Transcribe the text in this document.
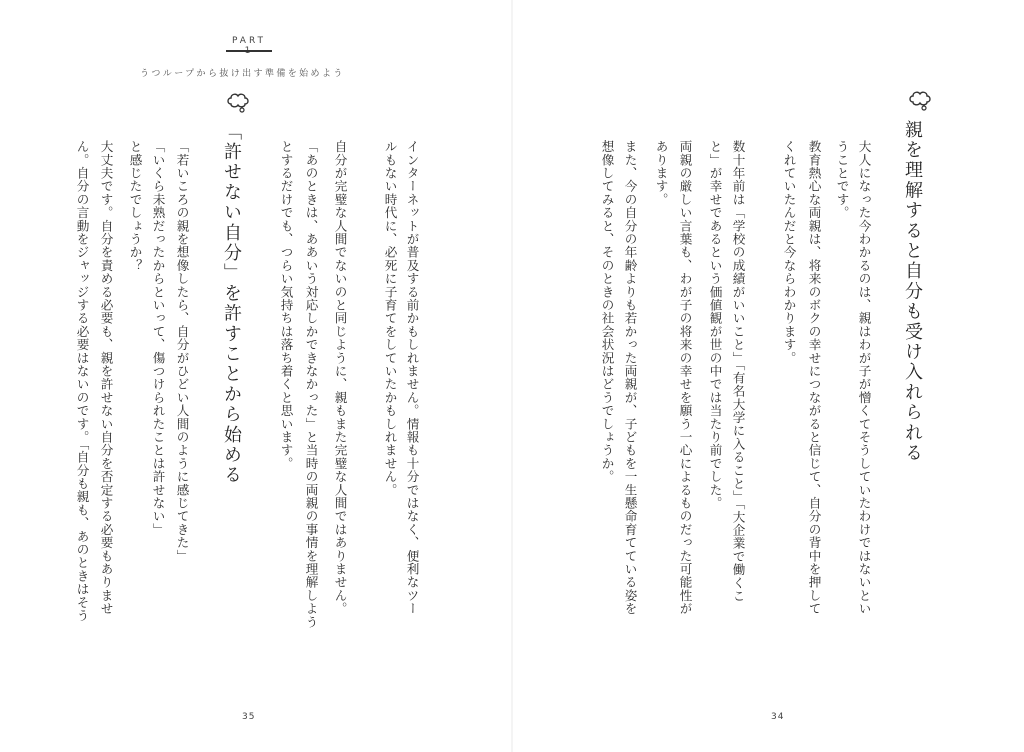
PART
うつループから抜け出す準備を始めよう
親を理解すると自分も受け入れられる
大人になった今わかるのは、親はわが子が憎くてそうしていたわけではないとい
うことです。
教育熱心な両親は、将来のボクの幸せにつながると信じて、自分の背中を押して
くれていたんだと今ならわかります。
数十年前は「学校の成績がいいこと」「有名大学に入ること」「大企業で働くこ
と」が幸せであるという価値観が世の中では当たり前でした。
両親の厳しい言葉も、わが子の将来の幸せを願う一心によるものだった可能性が
あります。
また、今の自分の年齢よりも若かった両親が、子どもを一生懸命育てている姿を
想像してみると、そのときの社会状況はどうでしょうか。
34
インターネットが普及する前かもしれません。情報も十分ではなく、便利なツー
ルもない時代に、必死に子育てをしていたかもしれません。
自分が完璧な人間でないのと同じように、親もまた完璧な人間ではありません。
「あのときは、ああいう対応しかできなかった」と当時の両親の事情を理解しよう
とするだけでも、つらい気持ちは落ち着くと思います。
「許せない自分」を許すことから始める
「若いころの親を想像したら、自分がひどい人間のように感じてきた」
「いくら未熟だったからといって、傷つけられたことは許せない」
と感じたでしょうか？
大丈夫です。自分を責める必要も、親を許せない自分を否定する必要もありませ
ん。自分の言動をジャッジする必要はないのです。「自分も親も、あのときはそう
35
